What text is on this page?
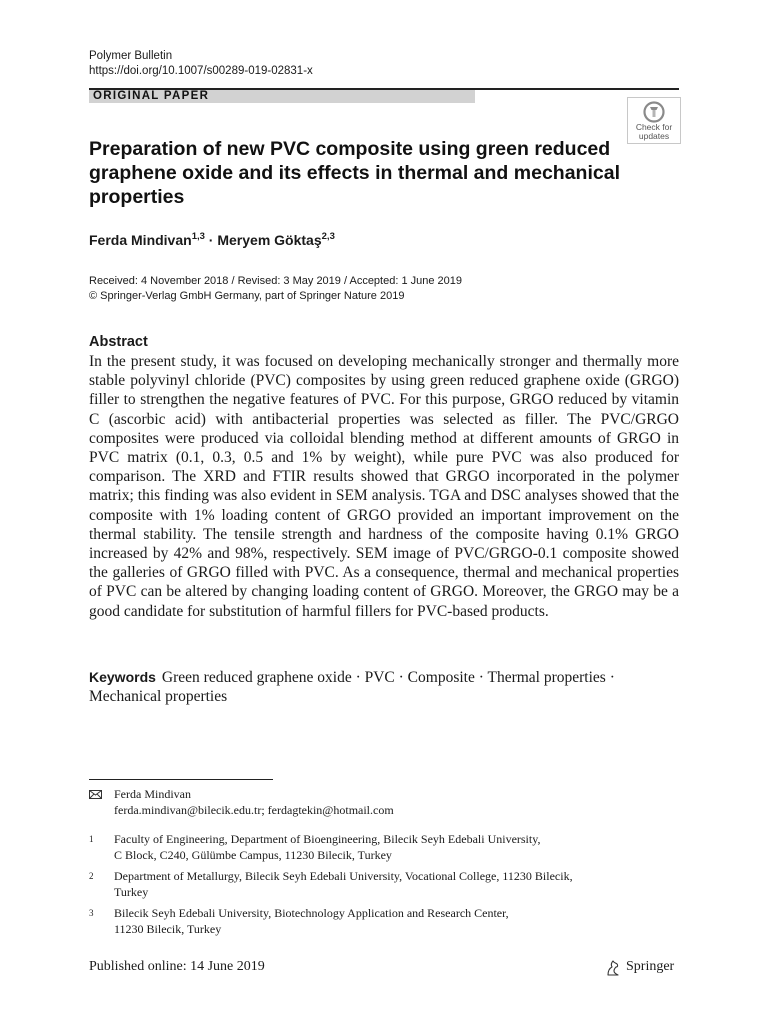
Polymer Bulletin
https://doi.org/10.1007/s00289-019-02831-x
ORIGINAL PAPER
Check for
updates
Preparation of new PVC composite using green reduced graphene oxide and its effects in thermal and mechanical properties
Ferda Mindivan$^{1,3}$ · Meryem Göktaş$^{2,3}$
Received: 4 November 2018 / Revised: 3 May 2019 / Accepted: 1 June 2019
© Springer-Verlag GmbH Germany, part of Springer Nature 2019
Abstract

In the present study, it was focused on developing mechanically stronger and thermally more stable polyvinyl chloride (PVC) composites by using green reduced graphene oxide (GRGO) filler to strengthen the negative features of PVC. For this purpose, GRGO reduced by vitamin C (ascorbic acid) with antibacterial properties was selected as filler. The PVC/GRGO composites were produced via colloidal blending method at different amounts of GRGO in PVC matrix (0.1, 0.3, 0.5 and 1% by weight), while pure PVC was also produced for comparison. The XRD and FTIR results showed that GRGO incorporated in the polymer matrix; this finding was also evident in SEM analysis. TGA and DSC analyses showed that the composite with 1% loading content of GRGO provided an important improvement on the thermal stability. The tensile strength and hardness of the composite having 0.1% GRGO increased by 42% and 98%, respectively. SEM image of PVC/GRGO-0.1 composite showed the galleries of GRGO filled with PVC. As a consequence, thermal and mechanical properties of PVC can be altered by changing loading content of GRGO. Moreover, the GRGO may be a good candidate for substitution of harmful fillers for PVC-based products.

Keywords Green reduced graphene oxide · PVC · Composite · Thermal properties · Mechanical properties
Ferda Mindivan
ferda.mindivan@bilecik.edu.tr; ferdagtekin@hotmail.com
1	Faculty of Engineering, Department of Bioengineering, Bilecik Seyh Edebali University,
C Block, C240, Gülümbe Campus, 11230 Bilecik, Turkey
2	Department of Metallurgy, Bilecik Seyh Edebali University, Vocational College, 11230 Bilecik,
Turkey
3	Bilecik Seyh Edebali University, Biotechnology Application and Research Center,
11230 Bilecik, Turkey
Published online: 14 June 2019	Springer
